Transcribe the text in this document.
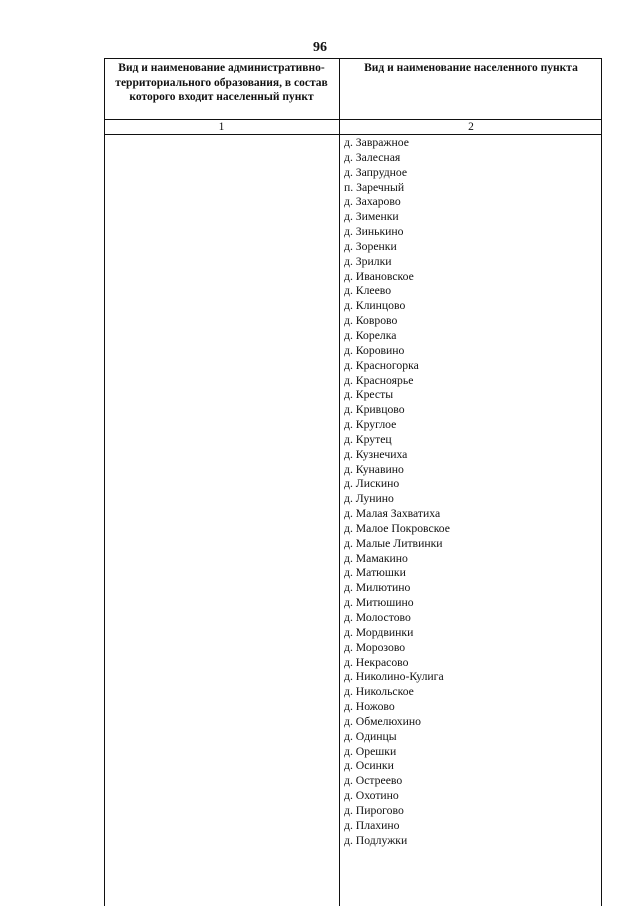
96
Вид и наименование административно-территориального образования, в состав которого входит населенный пункт
Вид и наименование населенного пункта
1	2
д. Завражное
д. Залесная
д. Запрудное
п. Заречный
д. Захарово
д. Зименки
д. Зинькино
д. Зоренки
д. Зрилки
д. Ивановское
д. Клеево
д. Клинцово
д. Коврово
д. Корелка
д. Коровино
д. Красногорка
д. Красноярье
д. Кресты
д. Кривцово
д. Круглое
д. Крутец
д. Кузнечиха
д. Кунавино
д. Лискино
д. Лунино
д. Малая Захватиха
д. Малое Покровское
д. Малые Литвинки
д. Мамакино
д. Матюшки
д. Милютино
д. Митюшино
д. Молостово
д. Мордвинки
д. Морозово
д. Некрасово
д. Николино-Кулига
д. Никольское
д. Ножово
д. Обмелюхино
д. Одинцы
д. Орешки
д. Осинки
д. Остреево
д. Охотино
д. Пирогово
д. Плахино
д. Подлужки
